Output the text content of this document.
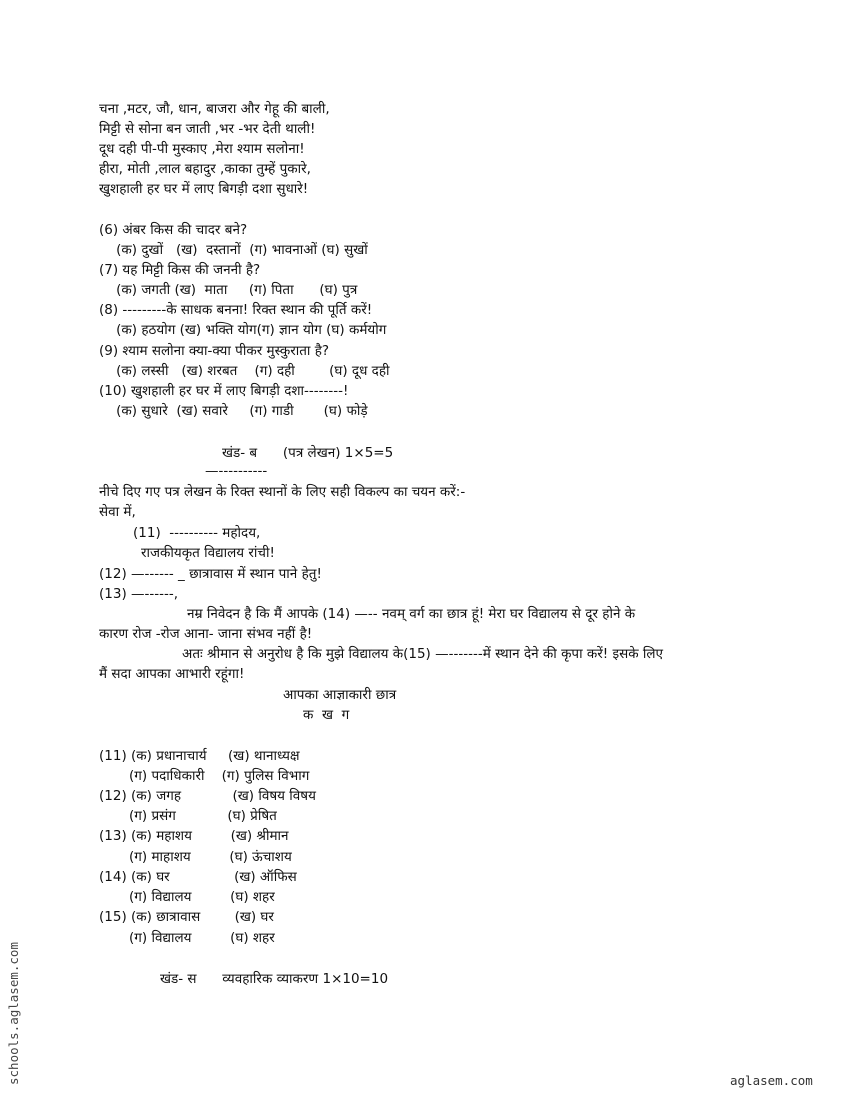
चना ,मटर, जौ, धान, बाजरा और गेहू की बाली,
मिट्टी से सोना बन जाती ,भर -भर देती थाली!
दूध दही पी-पी मुस्काए ,मेरा श्याम सलोना!
हीरा, मोती ,लाल बहादुर ,काका तुम्हें पुकारे,
खुशहाली हर घर में लाए बिगड़ी दशा सुधारे!
(6) अंबर किस की चादर बने?
(क) दुखों   (ख)  दस्तानों  (ग) भावनाओं (घ) सुखों
(7) यह मिट्टी किस की जननी है?
(क) जगती (ख)  माता     (ग) पिता      (घ) पुत्र
(8) ---------के साधक बनना! रिक्त स्थान की पूर्ति करें!
(क) हठयोग (ख) भक्ति योग(ग) ज्ञान योग (घ) कर्मयोग
(9) श्याम सलोना क्या-क्या पीकर मुस्कुराता है?
(क) लस्सी   (ख) शरबत    (ग) दही        (घ) दूध दही
(10) खुशहाली हर घर में लाए बिगड़ी दशा--------!
(क) सुधारे  (ख) सवारे     (ग) गाडी       (घ) फोड़े
खंड- ब      (पत्र लेखन) 1×5=5
—----------
नीचे दिए गए पत्र लेखन के रिक्त स्थानों के लिए सही विकल्प का चयन करें:-
सेवा में,
(11)  ---------- महोदय,
राजकीयकृत विद्यालय रांची!
(12) —------ _ छात्रावास में स्थान पाने हेतु!
(13) —------,
नम्र निवेदन है कि मैं आपके (14) —-- नवम् वर्ग का छात्र हूं! मेरा घर विद्यालय से दूर होने के
कारण रोज -रोज आना- जाना संभव नहीं है!
अतः श्रीमान से अनुरोध है कि मुझे विद्यालय के(15) —-------में स्थान देने की कृपा करें! इसके लिए
मैं सदा आपका आभारी रहूंगा!
आपका आज्ञाकारी छात्र
क  ख  ग
(11) (क) प्रधानाचार्य     (ख) थानाध्यक्ष
(ग) पदाधिकारी    (ग) पुलिस विभाग
(12) (क) जगह            (ख) विषय विषय
(ग) प्रसंग            (घ) प्रेषित
(13) (क) महाशय         (ख) श्रीमान
(ग) माहाशय         (घ) ऊंचाशय
(14) (क) घर               (ख) ऑफिस
(ग) विद्यालय         (घ) शहर
(15) (क) छात्रावास        (ख) घर
(ग) विद्यालय         (घ) शहर
खंड- स      व्यवहारिक व्याकरण 1×10=10
schools.aglasem.com	aglasem.com
